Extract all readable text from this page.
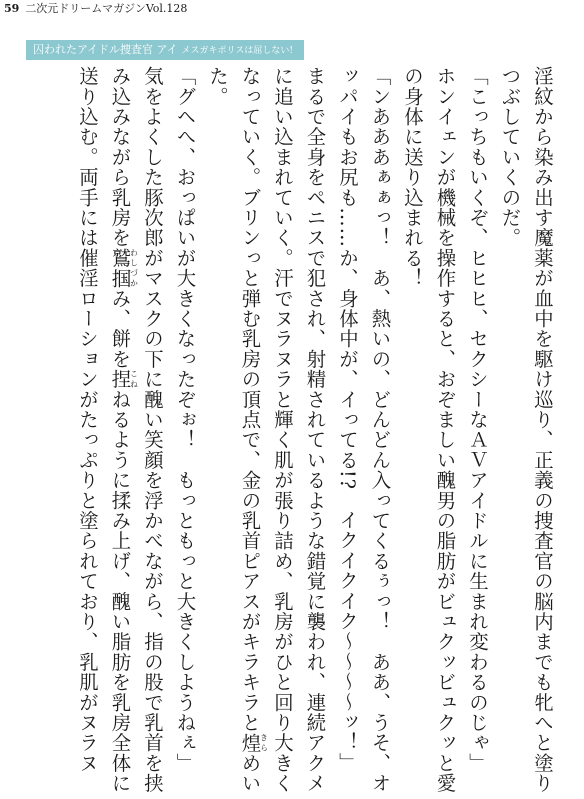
59 二次元ドリームマガジンVol.128
囚われたアイドル捜査官 アイ メスガキポリスは屈しない!

淫紋から染み出す魔薬が血中を駆け巡り、正義の捜査官の脳内までも牝へと塗りつぶしていくのだ。

「こっちもいくぞ、ヒヒヒ、セクシーなＡＶアイドルに生まれ変わるのじゃ」

ホンイェンが機械を操作すると、おぞましい醜男の脂肪がビュクッビュクッと愛の身体に送り込まれる！

「ンあああぁぁっ！　あ、熱いの、どんどん入ってくるぅっ！　ああ、うそ、オッパイもお尻も……か、身体中が、イってる!?　イクイクイク～～～～ッ！」

まるで全身をペニスで犯され、射精されているような錯覚に襲われ、連続アクメに追い込まれていく。汗でヌラヌラと輝く肌が張り詰め、乳房がひと回り大きくなっていく。ブリンっと弾む乳房の頂点で、金の乳首ピアスがキラキラと煌きらめいた。

「グヘへ、おっぱいが大きくなったぞぉ！　もっともっと大きくしようねぇ」

気をよくした豚次郎がマスクの下に醜い笑顔を浮かべながら、指の股で乳首を挟み込みながら乳房を鷲掴わしづかみ、餅を捏こねねるように揉み上げ、醜い脂肪を乳房全体に送り込む。両手には催淫ローションがたっぷりと塗られており、乳肌がヌラヌ
